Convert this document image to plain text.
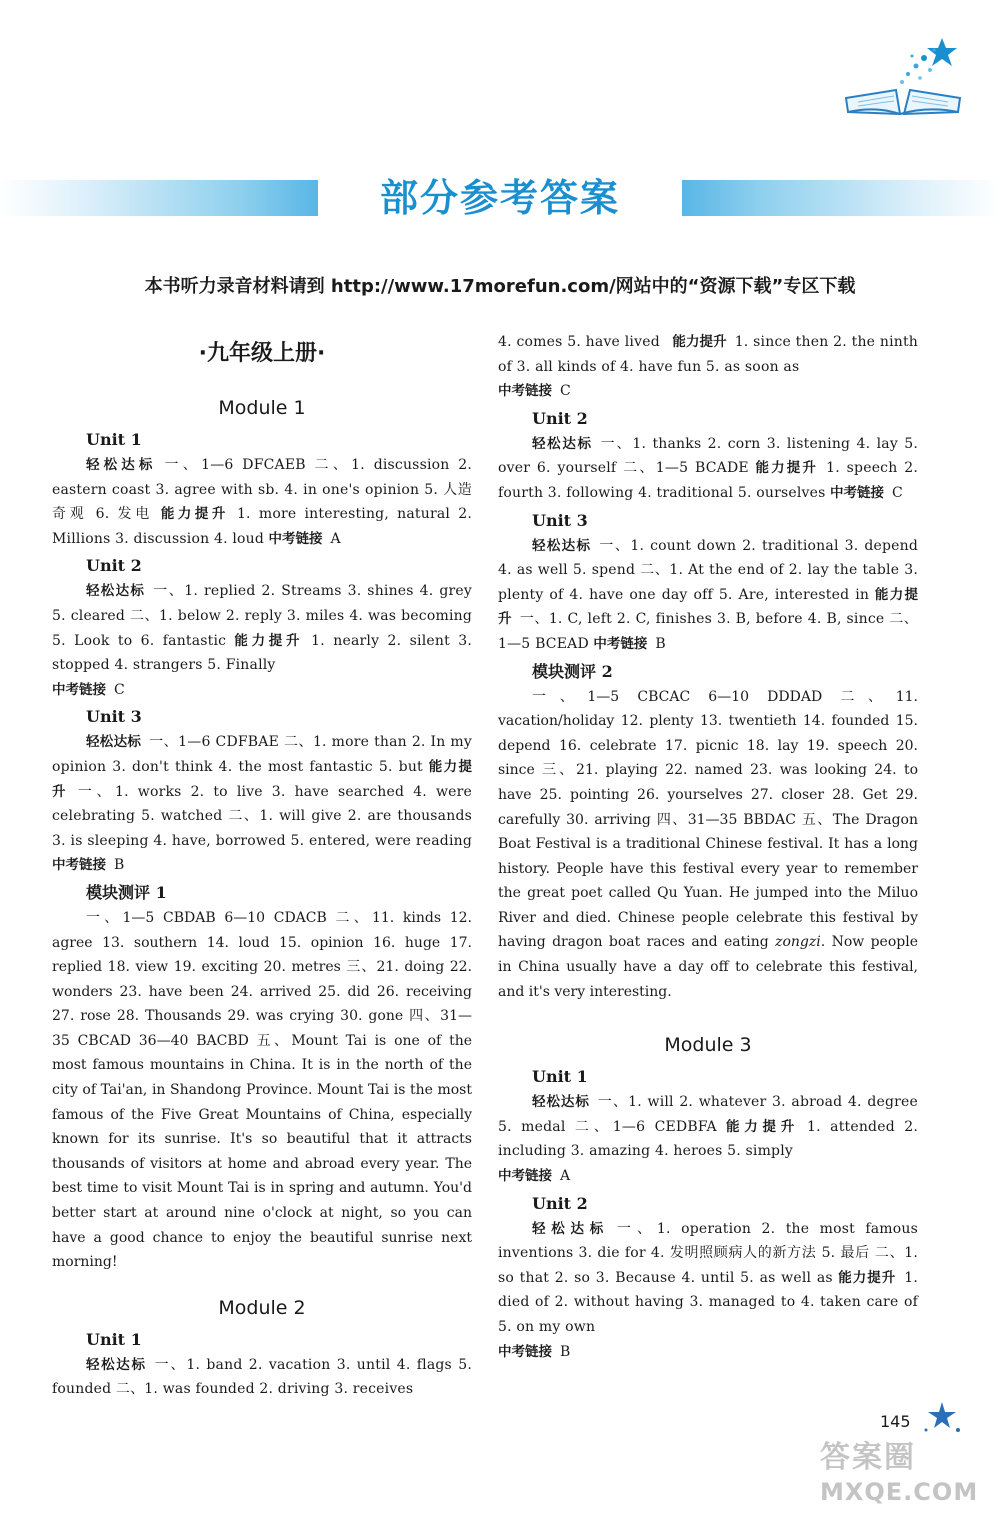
部分参考答案
本书听力录音材料请到 http://www.17morefun.com/网站中的“资源下载”专区下载
·九年级上册·
Module 1
Unit 1

轻松达标 一、1—6 DFCAEB 二、1. discussion 2. eastern coast 3. agree with sb. 4. in one's opinion 5. 人造奇观 6. 发电 能力提升 1. more interesting, natural 2. Millions 3. discussion 4. loud 中考链接 A

Unit 2

轻松达标 一、1. replied 2. Streams 3. shines 4. grey 5. cleared 二、1. below 2. reply 3. miles 4. was becoming 5. Look to 6. fantastic 能力提升 1. nearly 2. silent 3. stopped 4. strangers 5. Finally

中考链接 C

Unit 3

轻松达标 一、1—6 CDFBAE 二、1. more than 2. In my opinion 3. don't think 4. the most fantastic 5. but 能力提升 一、1. works 2. to live 3. have searched 4. were celebrating 5. watched 二、1. will give 2. are thousands 3. is sleeping 4. have, borrowed 5. entered, were reading 中考链接 B

模块测评 1

一、1—5 CBDAB 6—10 CDACB 二、11. kinds 12. agree 13. southern 14. loud 15. opinion 16. huge 17. replied 18. view 19. exciting 20. metres 三、21. doing 22. wonders 23. have been 24. arrived 25. did 26. receiving 27. rose 28. Thousands 29. was crying 30. gone 四、31—35 CBCAD 36—40 BACBD 五、Mount Tai is one of the most famous mountains in China. It is in the north of the city of Tai'an, in Shandong Province. Mount Tai is the most famous of the Five Great Mountains of China, especially known for its sunrise. It's so beautiful that it attracts thousands of visitors at home and abroad every year. The best time to visit Mount Tai is in spring and autumn. You'd better start at around nine o'clock at night, so you can have a good chance to enjoy the beautiful sunrise next morning!

Module 2
Unit 1

轻松达标 一、1. band 2. vacation 3. until 4. flags 5. founded 二、1. was founded 2. driving 3. receives

4. comes 5. have lived 能力提升 1. since then 2. the ninth of 3. all kinds of 4. have fun 5. as soon as

中考链接 C

Unit 2

轻松达标 一、1. thanks 2. corn 3. listening 4. lay 5. over 6. yourself 二、1—5 BCADE 能力提升 1. speech 2. fourth 3. following 4. traditional 5. ourselves 中考链接 C

Unit 3

轻松达标 一、1. count down 2. traditional 3. depend 4. as well 5. spend 二、1. At the end of 2. lay the table 3. plenty of 4. have one day off 5. Are, interested in 能力提升 一、1. C, left 2. C, finishes 3. B, before 4. B, since 二、1—5 BCEAD 中考链接 B

模块测评 2

一、1—5 CBCAC 6—10 DDDAD 二、11. vacation/holiday 12. plenty 13. twentieth 14. founded 15. depend 16. celebrate 17. picnic 18. lay 19. speech 20. since 三、21. playing 22. named 23. was looking 24. to have 25. pointing 26. yourselves 27. closer 28. Get 29. carefully 30. arriving 四、31—35 BBDAC 五、The Dragon Boat Festival is a traditional Chinese festival. It has a long history. People have this festival every year to remember the great poet called Qu Yuan. He jumped into the Miluo River and died. Chinese people celebrate this festival by having dragon boat races and eating zongzi. Now people in China usually have a day off to celebrate this festival, and it's very interesting.

Module 3
Unit 1

轻松达标 一、1. will 2. whatever 3. abroad 4. degree 5. medal 二、1—6 CEDBFA 能力提升 1. attended 2. including 3. amazing 4. heroes 5. simply

中考链接 A

Unit 2

轻松达标 一、1. operation 2. the most famous inventions 3. die for 4. 发明照顾病人的新方法 5. 最后 二、1. so that 2. so 3. Because 4. until 5. as well as 能力提升 1. died of 2. without having 3. managed to 4. taken care of 5. on my own

中考链接 B

145
答案圈
MXQE.COM
